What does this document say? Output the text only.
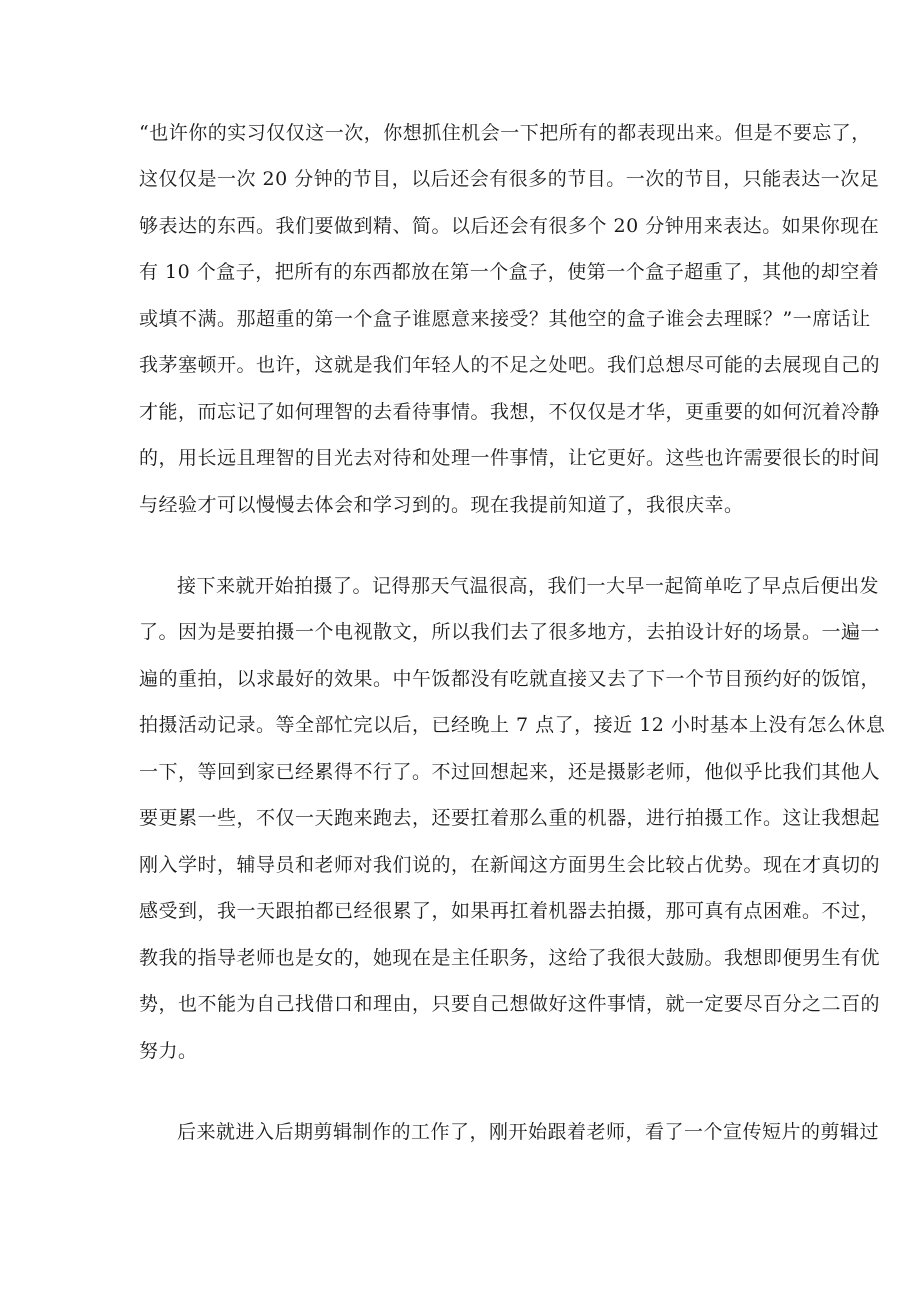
“也许你的实习仅仅这一次，你想抓住机会一下把所有的都表现出来。但是不要忘了，
这仅仅是一次 20 分钟的节目，以后还会有很多的节目。一次的节目，只能表达一次足
够表达的东西。我们要做到精、简。以后还会有很多个 20 分钟用来表达。如果你现在
有 10 个盒子，把所有的东西都放在第一个盒子，使第一个盒子超重了，其他的却空着
或填不满。那超重的第一个盒子谁愿意来接受？其他空的盒子谁会去理睬？”一席话让
我茅塞顿开。也许，这就是我们年轻人的不足之处吧。我们总想尽可能的去展现自己的
才能，而忘记了如何理智的去看待事情。我想，不仅仅是才华，更重要的如何沉着冷静
的，用长远且理智的目光去对待和处理一件事情，让它更好。这些也许需要很长的时间
与经验才可以慢慢去体会和学习到的。现在我提前知道了，我很庆幸。
接下来就开始拍摄了。记得那天气温很高，我们一大早一起简单吃了早点后便出发
了。因为是要拍摄一个电视散文，所以我们去了很多地方，去拍设计好的场景。一遍一
遍的重拍，以求最好的效果。中午饭都没有吃就直接又去了下一个节目预约好的饭馆，
拍摄活动记录。等全部忙完以后，已经晚上 7 点了，接近 12 小时基本上没有怎么休息
一下，等回到家已经累得不行了。不过回想起来，还是摄影老师，他似乎比我们其他人
要更累一些，不仅一天跑来跑去，还要扛着那么重的机器，进行拍摄工作。这让我想起
刚入学时，辅导员和老师对我们说的，在新闻这方面男生会比较占优势。现在才真切的
感受到，我一天跟拍都已经很累了，如果再扛着机器去拍摄，那可真有点困难。不过，
教我的指导老师也是女的，她现在是主任职务，这给了我很大鼓励。我想即便男生有优
势，也不能为自己找借口和理由，只要自己想做好这件事情，就一定要尽百分之二百的
努力。
后来就进入后期剪辑制作的工作了，刚开始跟着老师，看了一个宣传短片的剪辑过
